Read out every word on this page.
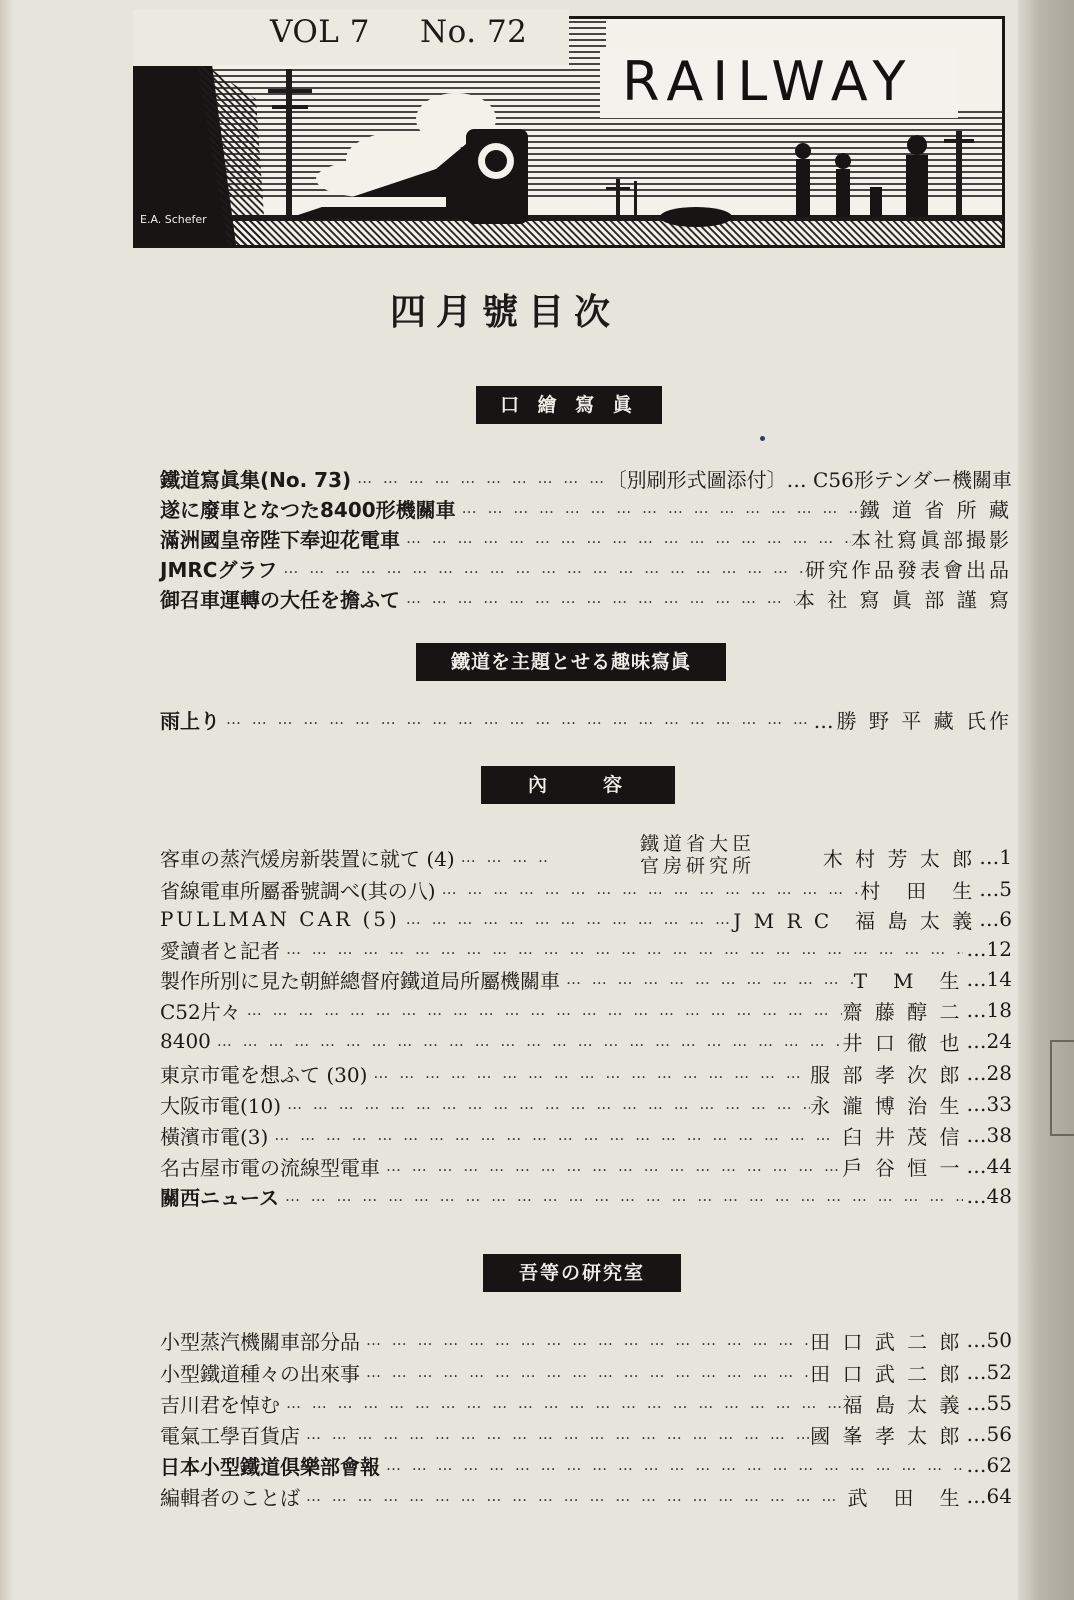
VOL 7 No. 72
RAILWAY
E.A. Schefer
四月號目次
口 繪 寫 眞
鐵道寫眞集(No. 73) … … … … … … … … … … … … … … … … … … … … … … … … … … … … … …	〔別刷形式圖添付〕… C56形テンダー機關車
遂に廢車となつた8400形機關車 … … … … … … … … … … … … … … … … … … … … … … … … … … … … … …	鐵 道 省 所 藏
滿洲國皇帝陛下奉迎花電車 … … … … … … … … … … … … … … … … … … … … … … … … … … … … … …	本社寫眞部撮影
JMRCグラフ … … … … … … … … … … … … … … … … … … … … … … … … … … … … … …	研究作品發表會出品
御召車運轉の大任を擔ふて … … … … … … … … … … … … … … … … … … … … … … … … … … … … … …	本 社 寫 眞 部 謹 寫
鐵道を主題とせる趣味寫眞
雨上り … … … … … … … … … … … … … … … … … … … … … … … … … … … … … …	…勝 野 平 藏 氏作
內　　容
鐵道省大臣
官房研究所
客車の蒸汽煖房新裝置に就て (4) … … … … … … … … … … … … … … … … … … … … … … … … … … … … … …	木 村 芳 太 郎 …1
省線電車所屬番號調べ(其の八) … … … … … … … … … … … … … … … … … … … … … … … … … … … … … …	村　田　生 …5
PULLMAN CAR (5) … … … … … … … … … … … … … … … … … … … … … … … … … … … … … …	J M R C　福 島 太 義 …6
愛讀者と記者 … … … … … … … … … … … … … … … … … … … … … … … … … … … … … …	…12
製作所別に見た朝鮮總督府鐵道局所屬機關車 … … … … … … … … … … … … … … … … … … … … … … … … … … … … … …	T　M　生 …14
C52片々 … … … … … … … … … … … … … … … … … … … … … … … … … … … … … …	齋 藤 醇 二 …18
8400 … … … … … … … … … … … … … … … … … … … … … … … … … … … … … …	井 口 徹 也 …24
東京市電を想ふて (30) … … … … … … … … … … … … … … … … … … … … … … … … … … … … … …	服 部 孝 次 郎 …28
大阪市電(10) … … … … … … … … … … … … … … … … … … … … … … … … … … … … … …	永 瀧 博 治 生 …33
橫濱市電(3) … … … … … … … … … … … … … … … … … … … … … … … … … … … … … …	臼 井 茂 信 …38
名古屋市電の流線型電車 … … … … … … … … … … … … … … … … … … … … … … … … … … … … … …	戶 谷 恒 一 …44
關西ニュース … … … … … … … … … … … … … … … … … … … … … … … … … … … … … …	…48
吾等の研究室
小型蒸汽機關車部分品 … … … … … … … … … … … … … … … … … … … … … … … … … … … … … …	田 口 武 二 郎 …50
小型鐵道種々の出來事 … … … … … … … … … … … … … … … … … … … … … … … … … … … … … …	田 口 武 二 郎 …52
吉川君を悼む … … … … … … … … … … … … … … … … … … … … … … … … … … … … … …	福 島 太 義 …55
電氣工學百貨店 … … … … … … … … … … … … … … … … … … … … … … … … … … … … … …	國 峯 孝 太 郎 …56
日本小型鐵道俱樂部會報 … … … … … … … … … … … … … … … … … … … … … … … … … … … … … …	…62
編輯者のことば … … … … … … … … … … … … … … … … … … … … … … … … … … … … … …	武　田　生 …64
